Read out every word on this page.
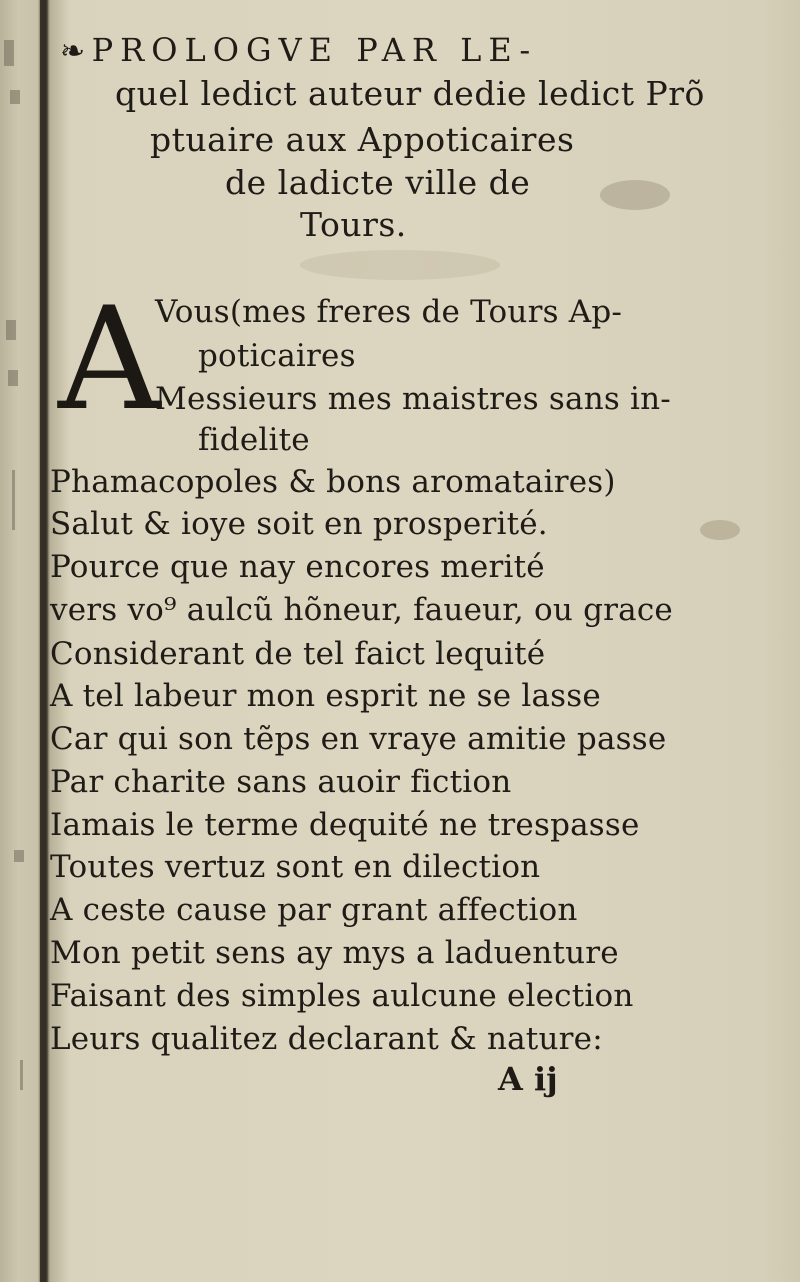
❧ PROLOGVE PAR LE-
quel ledict auteur dedie ledict Prõ
ptuaire aux Appoticaires
de ladicte ville de
Tours.
A
Vous(mes freres de Tours Ap-
poticaires
Messieurs mes maistres sans in-
fidelite
Phamacopoles & bons aromataires)
Salut & ioye soit en prosperité.
Pource que nay encores merité
vers vo⁹ aulcũ hõneur, faueur, ou grace
Considerant de tel faict lequité
A tel labeur mon esprit ne se lasse
Car qui son tẽps en vraye amitie passe
Par charite sans auoir fiction
Iamais le terme dequité ne trespasse
Toutes vertuz sont en dilection
A ceste cause par grant affection
Mon petit sens ay mys a laduenture
Faisant des simples aulcune election
Leurs qualitez declarant & nature:
A ij
